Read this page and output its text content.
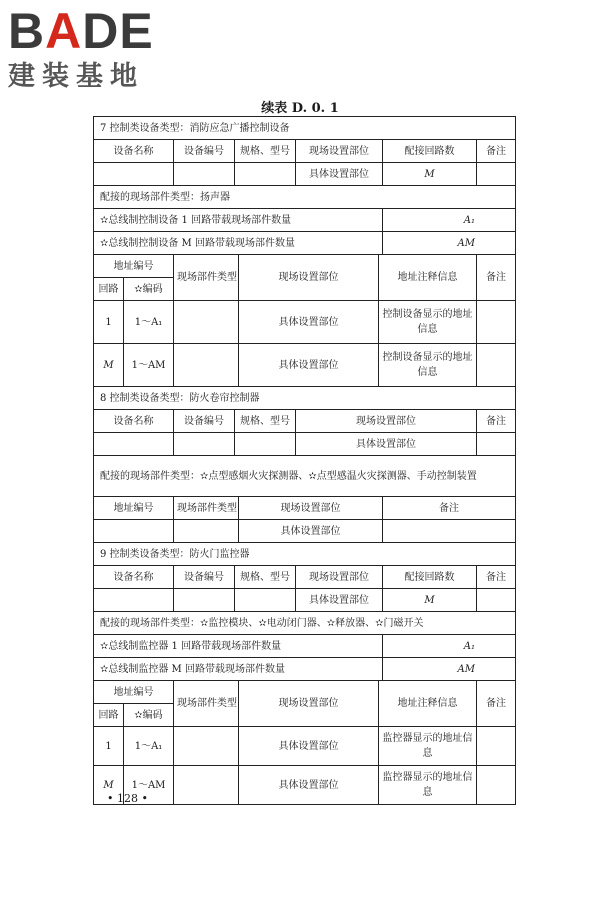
BADE
建装基地
续表 D. 0. 1
7 控制类设备类型：消防应急广播控制设备								
设备名称		设备编号	规格、型号		现场设置部位		配接回路数	备注
					具体设置部位		M	
配接的现场部件类型：扬声器								
✫总线制控制设备 1 回路带载现场部件数量							A₁	
✫总线制控制设备 M 回路带载现场部件数量							AM	
地址编号		现场部件类型		现场设置部位		地址注释信息		备注
回路	✫编码							
1	1～A₁			具体设置部位		控制设备显示的地址信息		
M	1～AM			具体设置部位		控制设备显示的地址信息		
8 控制类设备类型：防火卷帘控制器								
设备名称		设备编号	规格、型号		现场设置部位			备注
					具体设置部位			
配接的现场部件类型：✫点型感烟火灾探测器、✫点型感温火灾探测器、手动控制装置								
地址编号		现场部件类型		现场设置部位			备注	
				具体设置部位				
9 控制类设备类型：防火门监控器								
设备名称		设备编号	规格、型号		现场设置部位		配接回路数	备注
					具体设置部位		M	
配接的现场部件类型：✫监控模块、✫电动闭门器、✫释放器、✫门磁开关								
✫总线制监控器 1 回路带载现场部件数量							A₁	
✫总线制监控器 M 回路带载现场部件数量							AM	
地址编号		现场部件类型		现场设置部位		地址注释信息		备注
回路	✫编码							
1	1～A₁			具体设置部位		监控器显示的地址信息		
M	1～AM			具体设置部位		监控器显示的地址信息		
• 128 •
